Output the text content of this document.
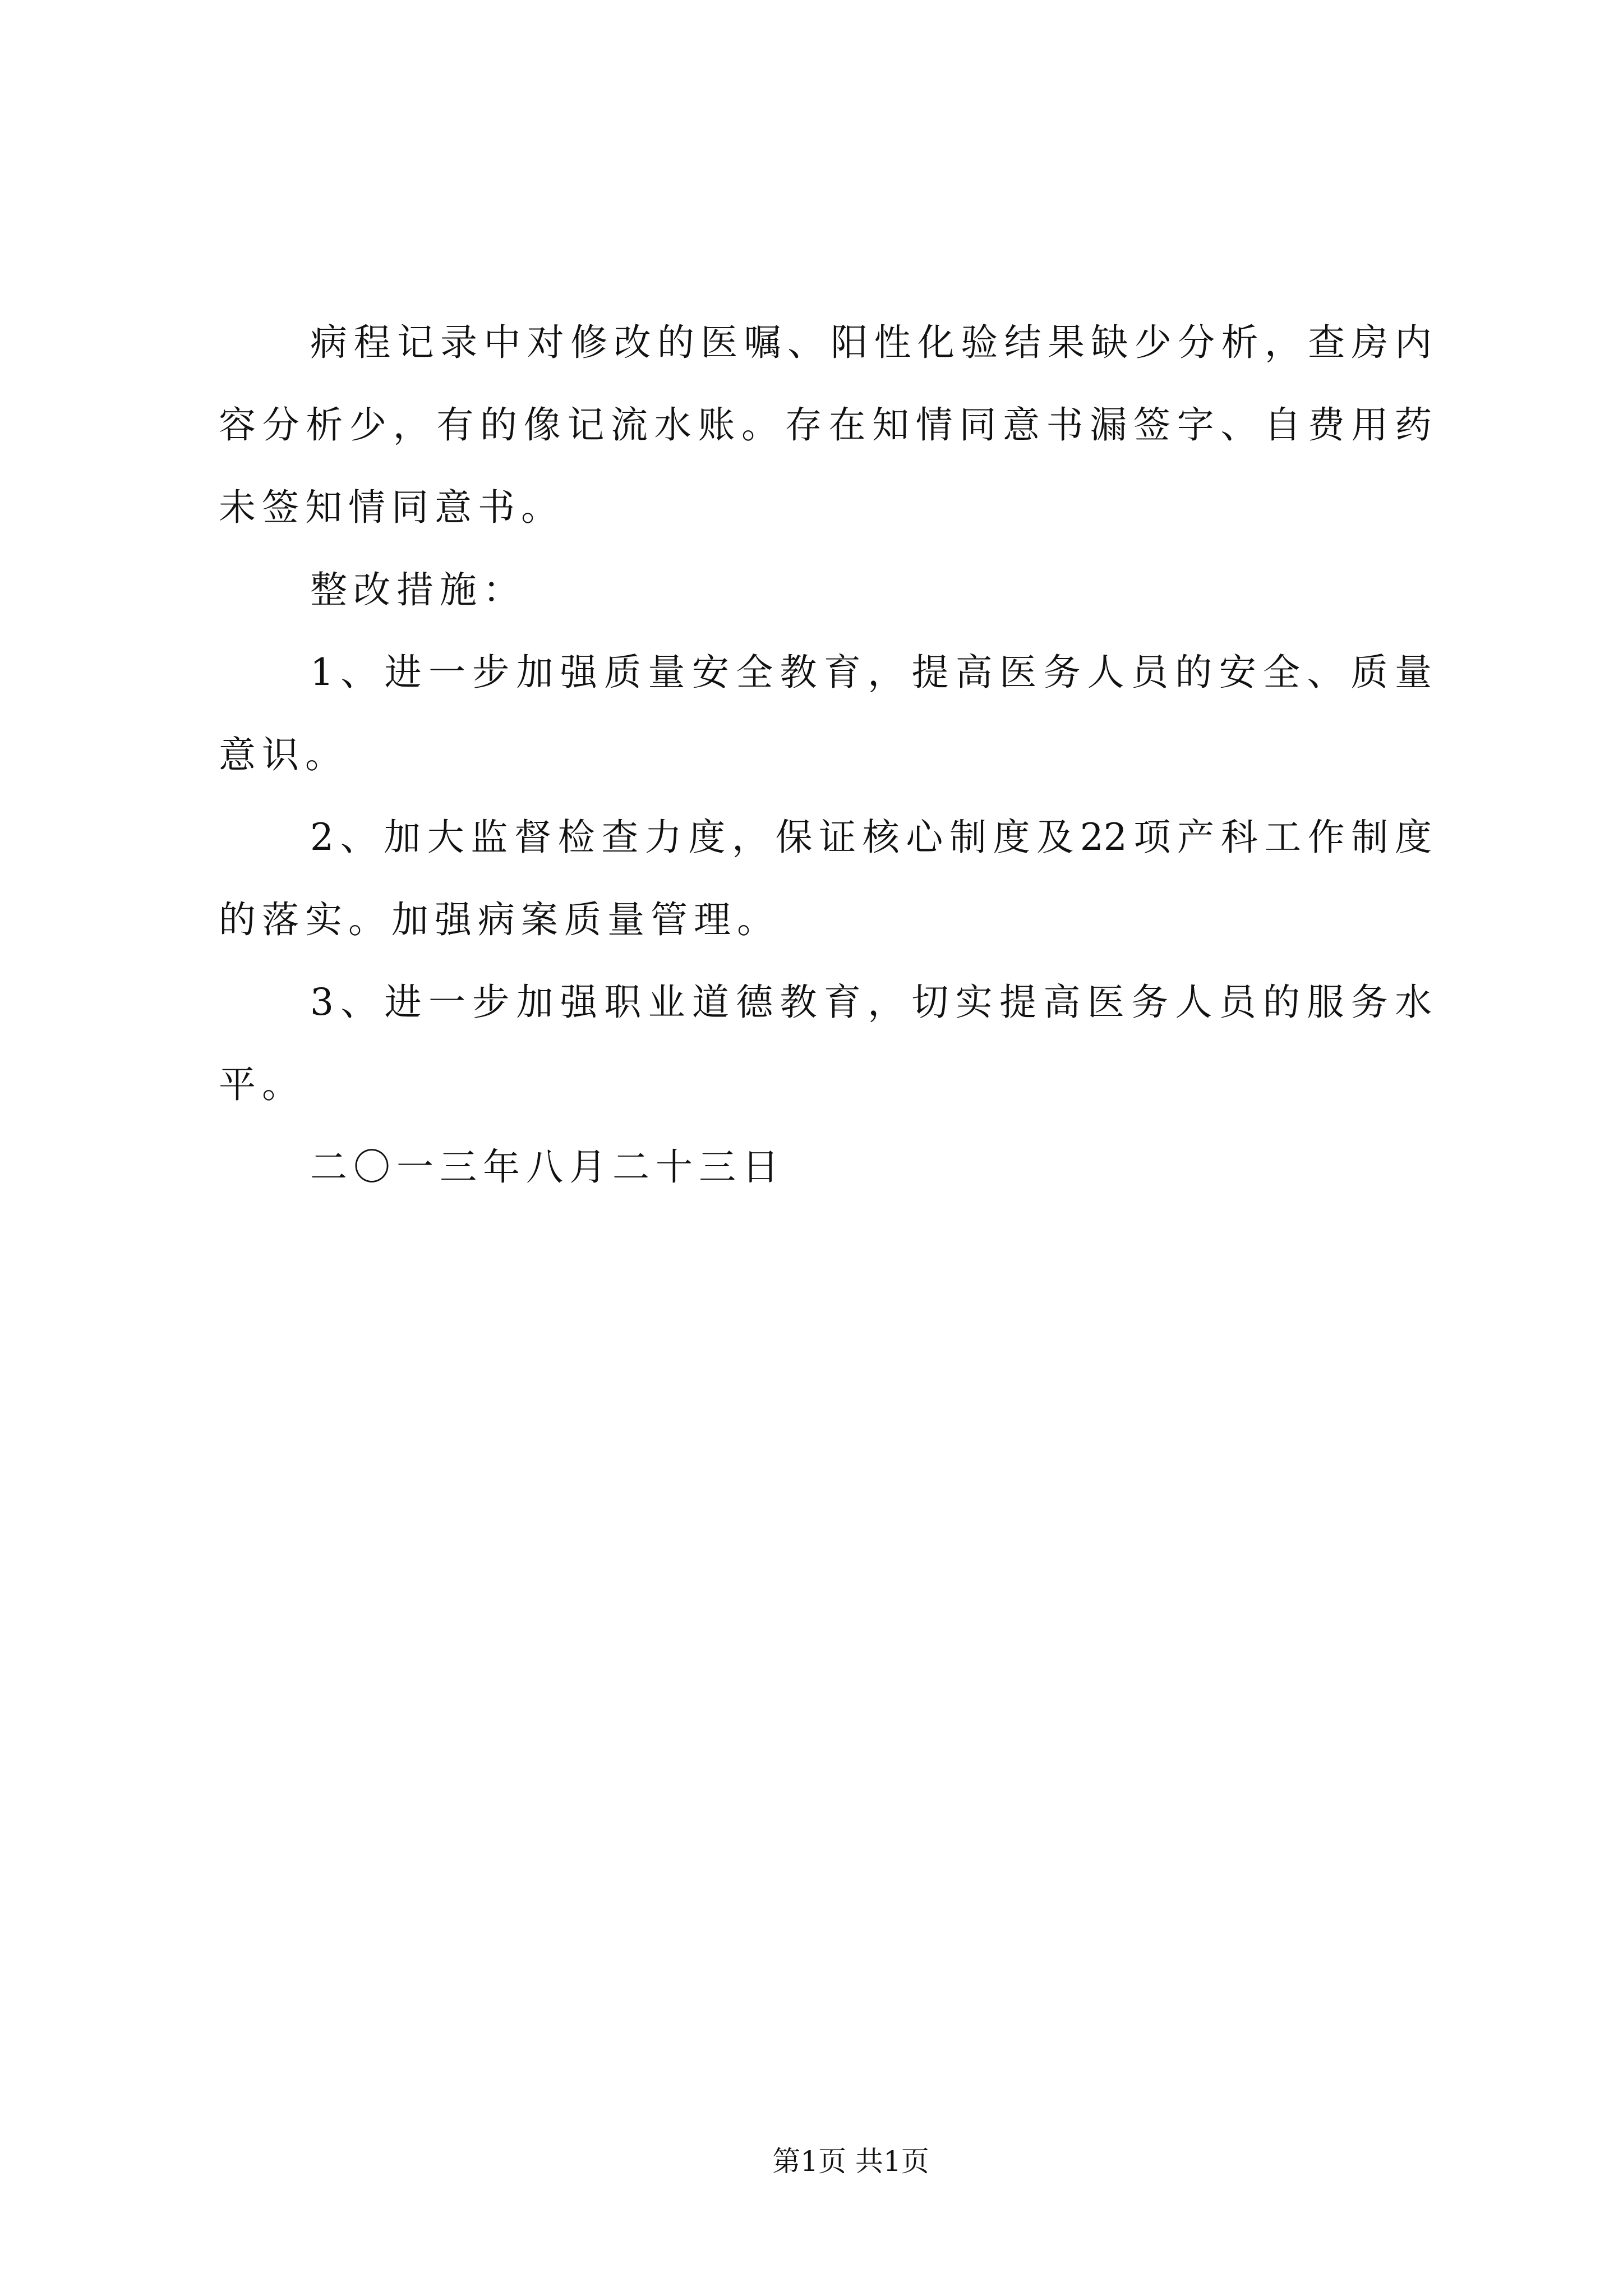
病程记录中对修改的医嘱、阳性化验结果缺少分析，查房内
容分析少，有的像记流水账。存在知情同意书漏签字、自费用药
未签知情同意书。
整改措施：
1、进一步加强质量安全教育，提高医务人员的安全、质量
意识。
2、加大监督检查力度，保证核心制度及22项产科工作制度
的落实。加强病案质量管理。
3、进一步加强职业道德教育，切实提高医务人员的服务水
平。
二〇一三年八月二十三日
第1页 共1页
